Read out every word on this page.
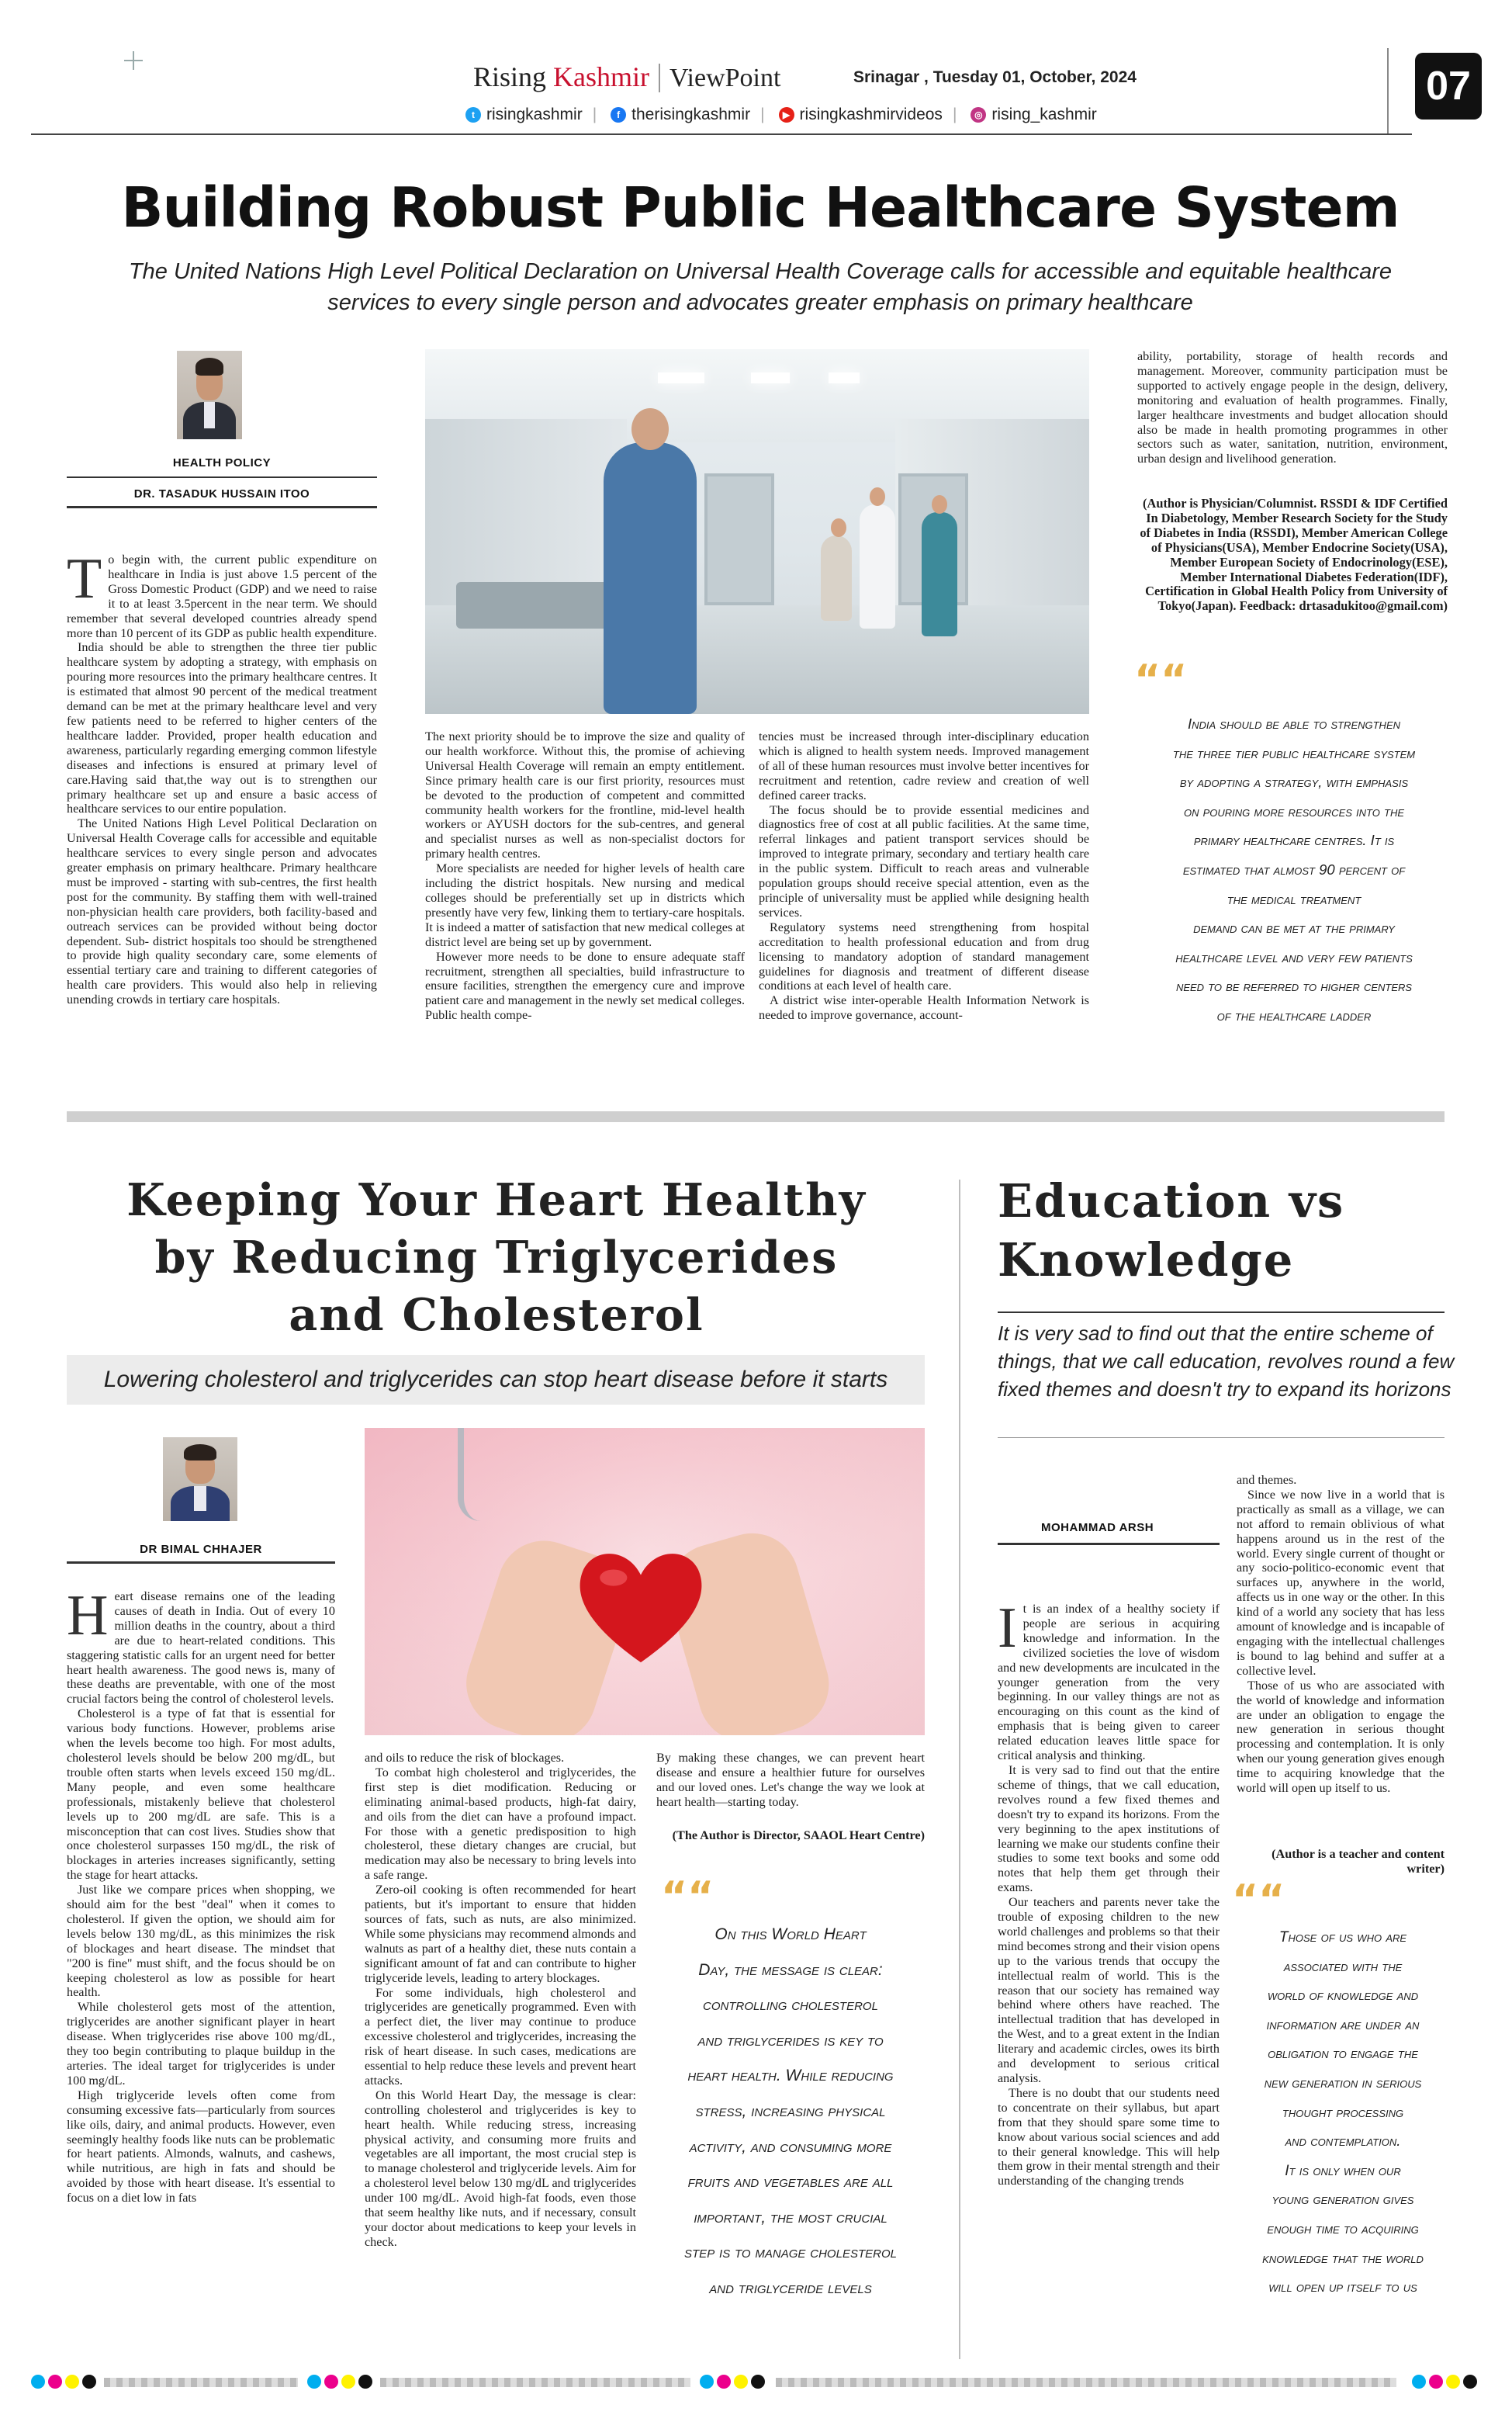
Rising Kashmir ViewPoint	Srinagar , Tuesday 01, October, 2024
t risingkashmir |	f therisingkashmir |	▶ risingkashmirvideos |	◎ rising_kashmir
07
Building Robust Public Healthcare System

The United Nations High Level Political Declaration on Universal Health Coverage calls for accessible and equitable healthcare services to every single person and advocates greater emphasis on primary healthcare

HEALTH POLICY
DR. TASADUK HUSSAIN ITOO

To begin with, the current public expenditure on healthcare in India is just above 1.5 percent of the Gross Domestic Product (GDP) and we need to raise it to at least 3.5percent in the near term. We should remember that several developed countries already spend more than 10 percent of its GDP as public health expenditure.

India should be able to strengthen the three tier public healthcare system by adopting a strategy, with emphasis on pouring more resources into the primary healthcare centres. It is estimated that almost 90 percent of the medical treatment demand can be met at the primary healthcare level and very few patients need to be referred to higher centers of the healthcare ladder. Provided, proper health education and awareness, particularly regarding emerging common lifestyle diseases and infections is ensured at primary level of care.Having said that,the way out is to strengthen our primary healthcare set up and ensure a basic access of healthcare services to our entire population.

The United Nations High Level Political Declaration on Universal Health Coverage calls for accessible and equitable healthcare services to every single person and advocates greater emphasis on primary healthcare. Primary healthcare must be improved - starting with sub-centres, the first health post for the community. By staffing them with well-trained non-physician health care providers, both facility-based and outreach services can be provided without being doctor dependent. Sub- district hospitals too should be strengthened to provide high quality secondary care, some elements of essential tertiary care and training to different categories of health care providers. This would also help in relieving unending crowds in tertiary care hospitals.

The next priority should be to improve the size and quality of our health workforce. Without this, the promise of achieving Universal Health Coverage will remain an empty entitlement. Since primary health care is our first priority, resources must be devoted to the production of competent and committed community health workers for the frontline, mid-level health workers or AYUSH doctors for the sub-centres, and general and specialist nurses as well as non-specialist doctors for primary health centres.

More specialists are needed for higher levels of health care including the district hospitals. New nursing and medical colleges should be preferentially set up in districts which presently have very few, linking them to tertiary-care hospitals. It is indeed a matter of satisfaction that new medical colleges at district level are being set up by government.

However more needs to be done to ensure adequate staff recruitment, strengthen all specialties, build infrastructure to ensure facilities, strengthen the emergency cure and improve patient care and management in the newly set medical colleges. Public health compe-

tencies must be increased through inter-disciplinary education which is aligned to health system needs. Improved management of all of these human resources must involve better incentives for recruitment and retention, cadre review and creation of well defined career tracks.

The focus should be to provide essential medicines and diagnostics free of cost at all public facilities. At the same time, referral linkages and patient transport services should be improved to integrate primary, secondary and tertiary health care in the public system. Difficult to reach areas and vulnerable population groups should receive special attention, even as the principle of universality must be applied while designing health services.

Regulatory systems need strengthening from hospital accreditation to health professional education and from drug licensing to mandatory adoption of standard management guidelines for diagnosis and treatment of different disease conditions at each level of health care.

A district wise inter-operable Health Information Network is needed to improve governance, account-

ability, portability, storage of health records and management. Moreover, community participation must be supported to actively engage people in the design, delivery, monitoring and evaluation of health programmes. Finally, larger healthcare investments and budget allocation should also be made in health promoting programmes in other sectors such as water, sanitation, nutrition, environment, urban design and livelihood generation.

(Author is Physician/Columnist. RSSDI & IDF Certified In Diabetology, Member Research Society for the Study of Diabetes in India (RSSDI), Member American College of Physicians(USA), Member Endocrine Society(USA), Member European Society of Endocrinology(ESE), Member International Diabetes Federation(IDF), Certification in Global Health Policy from University of Tokyo(Japan). Feedback: drtasadukitoo@gmail.com)
““
India should be able to strengthen
the three tier public healthcare system
by adopting a strategy, with emphasis
on pouring more resources into the
primary healthcare centres. It is
estimated that almost 90 percent of
the medical treatment
demand can be met at the primary
healthcare level and very few patients
need to be referred to higher centers
of the healthcare ladder
Keeping Your Heart Healthy
by Reducing Triglycerides
and Cholesterol
Lowering cholesterol and triglycerides can stop heart disease before it starts
DR BIMAL CHHAJER

Heart disease remains one of the leading causes of death in India. Out of every 10 million deaths in the country, about a third are due to heart-related conditions. This staggering statistic calls for an urgent need for better heart health awareness. The good news is, many of these deaths are preventable, with one of the most crucial factors being the control of cholesterol levels.

Cholesterol is a type of fat that is essential for various body functions. However, problems arise when the levels become too high. For most adults, cholesterol levels should be below 200 mg/dL, but trouble often starts when levels exceed 150 mg/dL. Many people, and even some healthcare professionals, mistakenly believe that cholesterol levels up to 200 mg/dL are safe. This is a misconception that can cost lives. Studies show that once cholesterol surpasses 150 mg/dL, the risk of blockages in arteries increases significantly, setting the stage for heart attacks.

Just like we compare prices when shopping, we should aim for the best "deal" when it comes to cholesterol. If given the option, we should aim for levels below 130 mg/dL, as this minimizes the risk of blockages and heart disease. The mindset that "200 is fine" must shift, and the focus should be on keeping cholesterol as low as possible for heart health.

While cholesterol gets most of the attention, triglycerides are another significant player in heart disease. When triglycerides rise above 100 mg/dL, they too begin contributing to plaque buildup in the arteries. The ideal target for triglycerides is under 100 mg/dL.

High triglyceride levels often come from consuming excessive fats—particularly from sources like oils, dairy, and animal products. However, even seemingly healthy foods like nuts can be problematic for heart patients. Almonds, walnuts, and cashews, while nutritious, are high in fats and should be avoided by those with heart disease. It's essential to focus on a diet low in fats

and oils to reduce the risk of blockages.

To combat high cholesterol and triglycerides, the first step is diet modification. Reducing or eliminating animal-based products, high-fat dairy, and oils from the diet can have a profound impact. For those with a genetic predisposition to high cholesterol, these dietary changes are crucial, but medication may also be necessary to bring levels into a safe range.

Zero-oil cooking is often recommended for heart patients, but it's important to ensure that hidden sources of fats, such as nuts, are also minimized. While some physicians may recommend almonds and walnuts as part of a healthy diet, these nuts contain a significant amount of fat and can contribute to higher triglyceride levels, leading to artery blockages.

For some individuals, high cholesterol and triglycerides are genetically programmed. Even with a perfect diet, the liver may continue to produce excessive cholesterol and triglycerides, increasing the risk of heart disease. In such cases, medications are essential to help reduce these levels and prevent heart attacks.

On this World Heart Day, the message is clear: controlling cholesterol and triglycerides is key to heart health. While reducing stress, increasing physical activity, and consuming more fruits and vegetables are all important, the most crucial step is to manage cholesterol and triglyceride levels. Aim for a cholesterol level below 130 mg/dL and triglycerides under 100 mg/dL. Avoid high-fat foods, even those that seem healthy like nuts, and if necessary, consult your doctor about medications to keep your levels in check.

By making these changes, we can prevent heart disease and ensure a healthier future for ourselves and our loved ones. Let's change the way we look at heart health—starting today.

(The Author is Director, SAAOL Heart Centre)
““
On this World Heart
Day, the message is clear:
controlling cholesterol
and triglycerides is key to
heart health. While reducing
stress, increasing physical
activity, and consuming more
fruits and vegetables are all
important, the most crucial
step is to manage cholesterol
and triglyceride levels
Education vs
Knowledge

It is very sad to find out that the entire scheme of things, that we call education, revolves round a few fixed themes and doesn't try to expand its horizons

MOHAMMAD ARSH

It is an index of a healthy society if people are serious in acquiring knowledge and information. In the civilized societies the love of wisdom and new developments are inculcated in the younger generation from the very beginning. In our valley things are not as encouraging on this count as the kind of emphasis that is being given to career related education leaves little space for critical analysis and thinking.

It is very sad to find out that the entire scheme of things, that we call education, revolves round a few fixed themes and doesn't try to expand its horizons. From the very beginning to the apex institutions of learning we make our students confine their studies to some text books and some odd notes that help them get through their exams.

Our teachers and parents never take the trouble of exposing children to the new world challenges and problems so that their mind becomes strong and their vision opens up to the various trends that occupy the intellectual realm of world. This is the reason that our society has remained way behind where others have reached. The intellectual tradition that has developed in the West, and to a great extent in the Indian literary and academic circles, owes its birth and development to serious critical analysis.

There is no doubt that our students need to concentrate on their syllabus, but apart from that they should spare some time to know about various social sciences and add to their general knowledge. This will help them grow in their mental strength and their understanding of the changing trends

and themes.

Since we now live in a world that is practically as small as a village, we can not afford to remain oblivious of what happens around us in the rest of the world. Every single current of thought or any socio-politico-economic event that surfaces up, anywhere in the world, affects us in one way or the other. In this kind of a world any society that has less amount of knowledge and is incapable of engaging with the intellectual challenges is bound to lag behind and suffer at a collective level.

Those of us who are associated with the world of knowledge and information are under an obligation to engage the new generation in serious thought processing and contemplation. It is only when our young generation gives enough time to acquiring knowledge that the world will open up itself to us.

(Author is a teacher and content writer)
““
Those of us who are
associated with the
world of knowledge and
information are under an
obligation to engage the
new generation in serious
thought processing
and contemplation.
It is only when our
young generation gives
enough time to acquiring
knowledge that the world
will open up itself to us
